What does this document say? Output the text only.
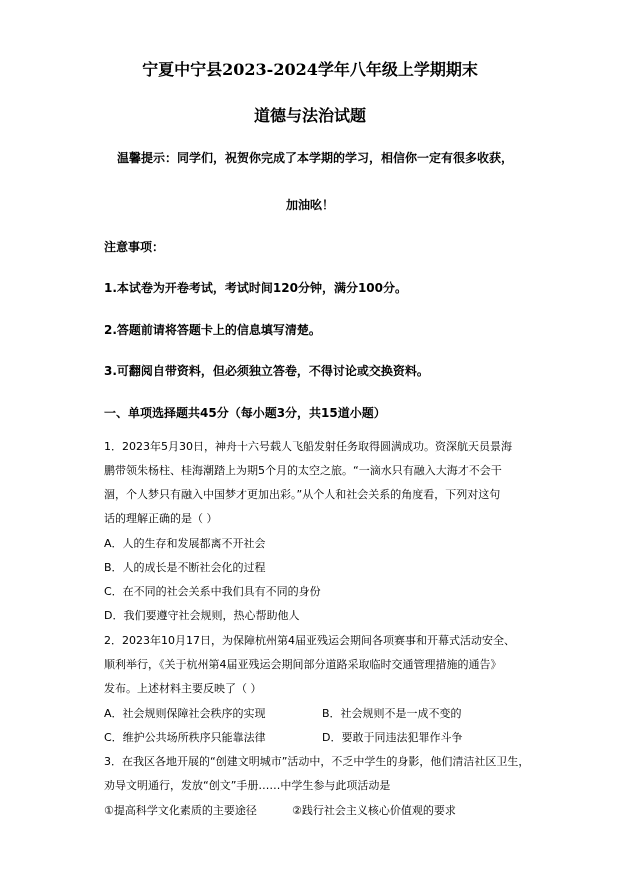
宁夏中宁县2023-2024学年八年级上学期期末
道德与法治试题
温馨提示：同学们，祝贺你完成了本学期的学习，相信你一定有很多收获，
加油吆！
注意事项：
1.本试卷为开卷考试，考试时间120分钟，满分100分。
2.答题前请将答题卡上的信息填写清楚。
3.可翻阅自带资料，但必须独立答卷，不得讨论或交换资料。
一、单项选择题共45分（每小题3分，共15道小题）
1．2023年5月30日，神舟十六号载人飞船发射任务取得圆满成功。资深航天员景海
鹏带领朱杨柱、桂海潮踏上为期5个月的太空之旅。“一滴水只有融入大海才不会干
涸，个人梦只有融入中国梦才更加出彩。”从个人和社会关系的角度看，下列对这句
话的理解正确的是（ ）
A．人的生存和发展都离不开社会
B．人的成长是不断社会化的过程
C．在不同的社会关系中我们具有不同的身份
D．我们要遵守社会规则，热心帮助他人
2．2023年10月17日，为保障杭州第4届亚残运会期间各项赛事和开幕式活动安全、
顺利举行，《关于杭州第4届亚残运会期间部分道路采取临时交通管理措施的通告》
发布。上述材料主要反映了（ ）
A．社会规则保障社会秩序的实现	B．社会规则不是一成不变的
C．维护公共场所秩序只能靠法律	D．要敢于同违法犯罪作斗争
3．在我区各地开展的“创建文明城市”活动中，不乏中学生的身影，他们清洁社区卫生，
劝导文明通行，发放“创文”手册……中学生参与此项活动是
①提高科学文化素质的主要途径	②践行社会主义核心价值观的要求
